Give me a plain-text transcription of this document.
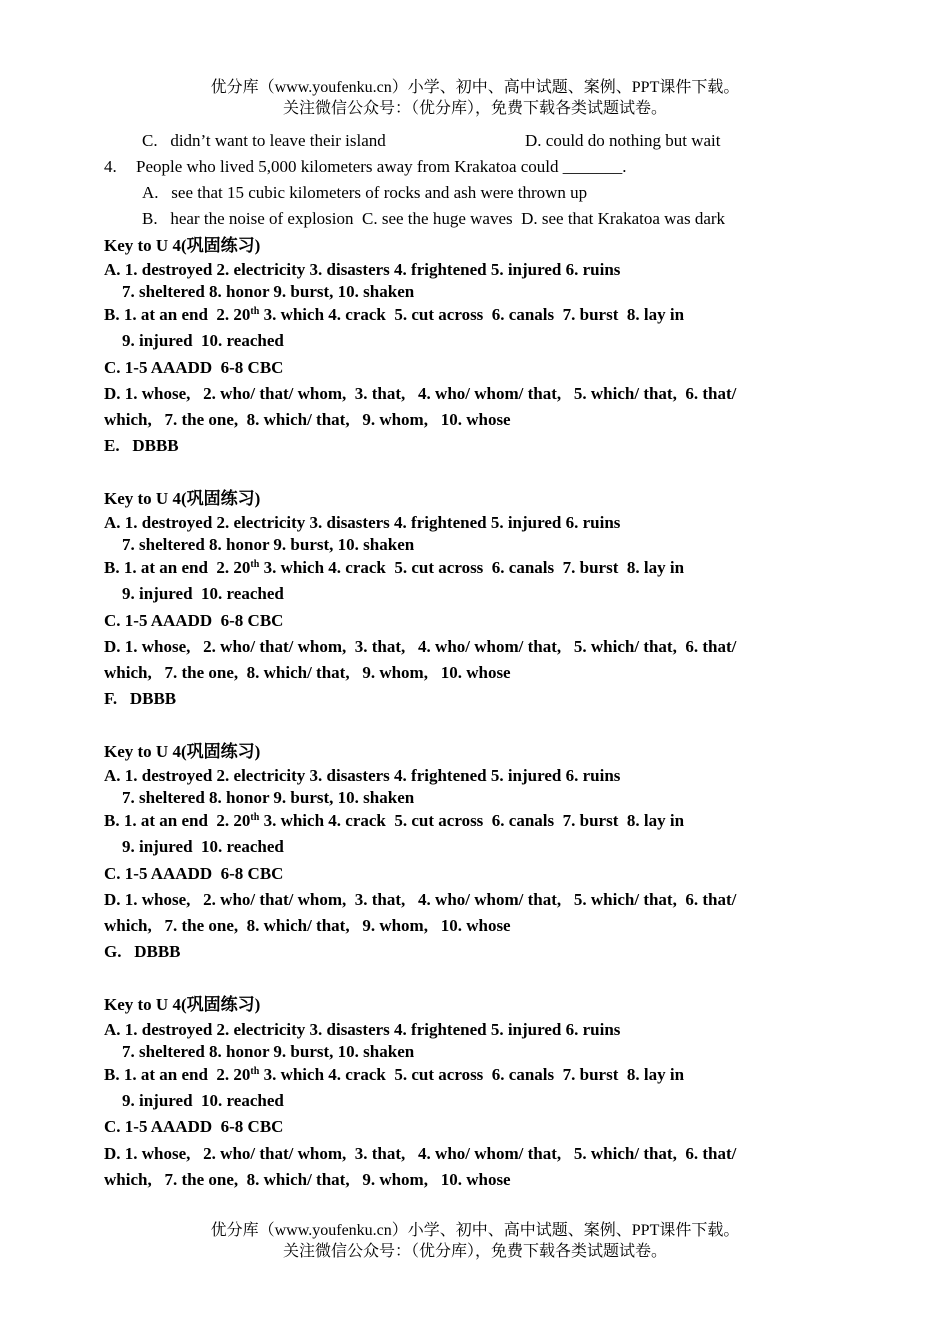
优分库（www.youfenku.cn）小学、初中、高中试题、案例、PPT课件下载。
关注微信公众号：（优分库），免费下载各类试题试卷。
C.   didn’t want to leave their island	D. could do nothing but wait
4. People who lived 5,000 kilometers away from Krakatoa could _______.
A.   see that 15 cubic kilometers of rocks and ash were thrown up
B.   hear the noise of explosion  C. see the huge waves  D. see that Krakatoa was dark
Key to U 4(巩固练习)
A. 1. destroyed 2. electricity 3. disasters 4. frightened 5. injured 6. ruins
7. sheltered 8. honor 9. burst, 10. shaken
B. 1. at an end  2. 20th 3. which 4. crack  5. cut across  6. canals  7. burst  8. lay in
9. injured  10. reached
C. 1-5 AAADD  6-8 CBC
D. 1. whose,   2. who/ that/ whom,  3. that,   4. who/ whom/ that,   5. which/ that,  6. that/
which,   7. the one,  8. which/ that,   9. whom,   10. whose
E.   DBBB
Key to U 4(巩固练习)
A. 1. destroyed 2. electricity 3. disasters 4. frightened 5. injured 6. ruins
7. sheltered 8. honor 9. burst, 10. shaken
B. 1. at an end  2. 20th 3. which 4. crack  5. cut across  6. canals  7. burst  8. lay in
9. injured  10. reached
C. 1-5 AAADD  6-8 CBC
D. 1. whose,   2. who/ that/ whom,  3. that,   4. who/ whom/ that,   5. which/ that,  6. that/
which,   7. the one,  8. which/ that,   9. whom,   10. whose
F.   DBBB
Key to U 4(巩固练习)
A. 1. destroyed 2. electricity 3. disasters 4. frightened 5. injured 6. ruins
7. sheltered 8. honor 9. burst, 10. shaken
B. 1. at an end  2. 20th 3. which 4. crack  5. cut across  6. canals  7. burst  8. lay in
9. injured  10. reached
C. 1-5 AAADD  6-8 CBC
D. 1. whose,   2. who/ that/ whom,  3. that,   4. who/ whom/ that,   5. which/ that,  6. that/
which,   7. the one,  8. which/ that,   9. whom,   10. whose
G.   DBBB
Key to U 4(巩固练习)
A. 1. destroyed 2. electricity 3. disasters 4. frightened 5. injured 6. ruins
7. sheltered 8. honor 9. burst, 10. shaken
B. 1. at an end  2. 20th 3. which 4. crack  5. cut across  6. canals  7. burst  8. lay in
9. injured  10. reached
C. 1-5 AAADD  6-8 CBC
D. 1. whose,   2. who/ that/ whom,  3. that,   4. who/ whom/ that,   5. which/ that,  6. that/
which,   7. the one,  8. which/ that,   9. whom,   10. whose
优分库（www.youfenku.cn）小学、初中、高中试题、案例、PPT课件下载。
关注微信公众号：（优分库），免费下载各类试题试卷。
